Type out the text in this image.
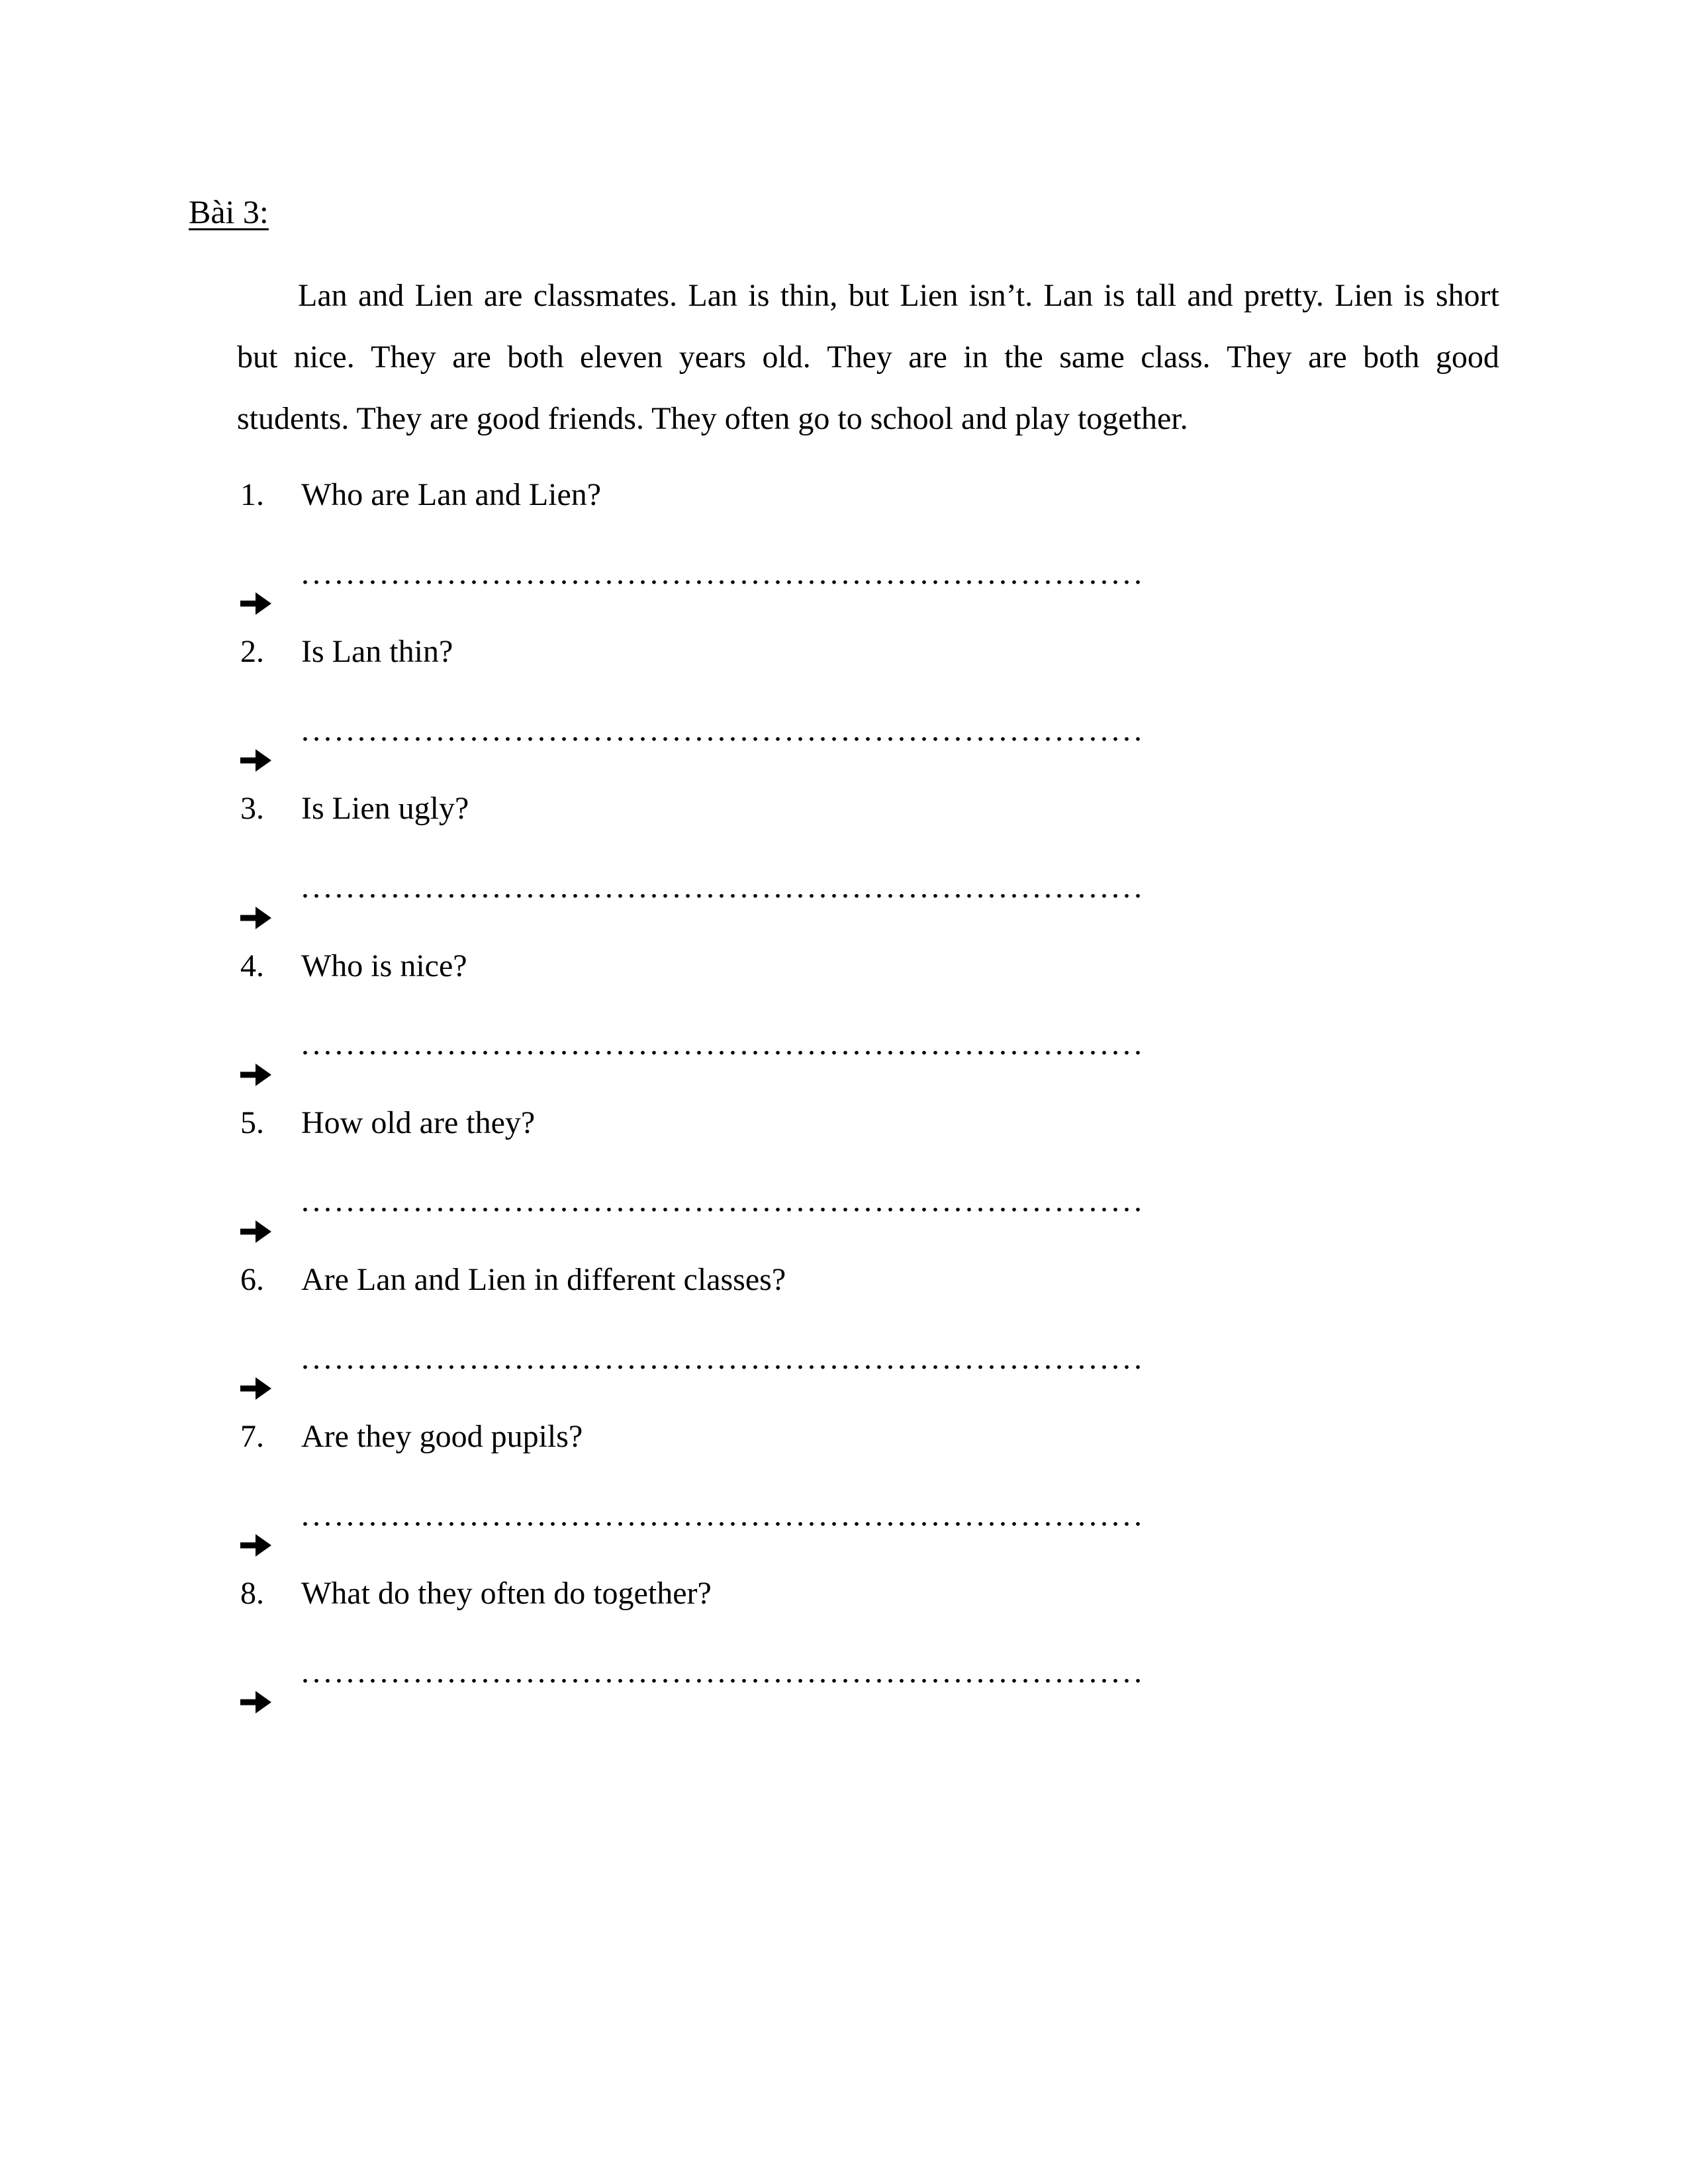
Bài 3:
Lan and Lien are classmates. Lan is thin, but Lien isn’t. Lan is tall and pretty. Lien is short
but nice. They are both eleven years old. They are in the same class. They are both good
students. They are good friends. They often go to school and play together.
1. Who are Lan and Lien?
...........................................................................
2. Is Lan thin?
...........................................................................
3. Is Lien ugly?
...........................................................................
4. Who is nice?
...........................................................................
5. How old are they?
...........................................................................
6. Are Lan and Lien in different classes?
...........................................................................
7. Are they good pupils?
...........................................................................
8. What do they often do together?
...........................................................................
